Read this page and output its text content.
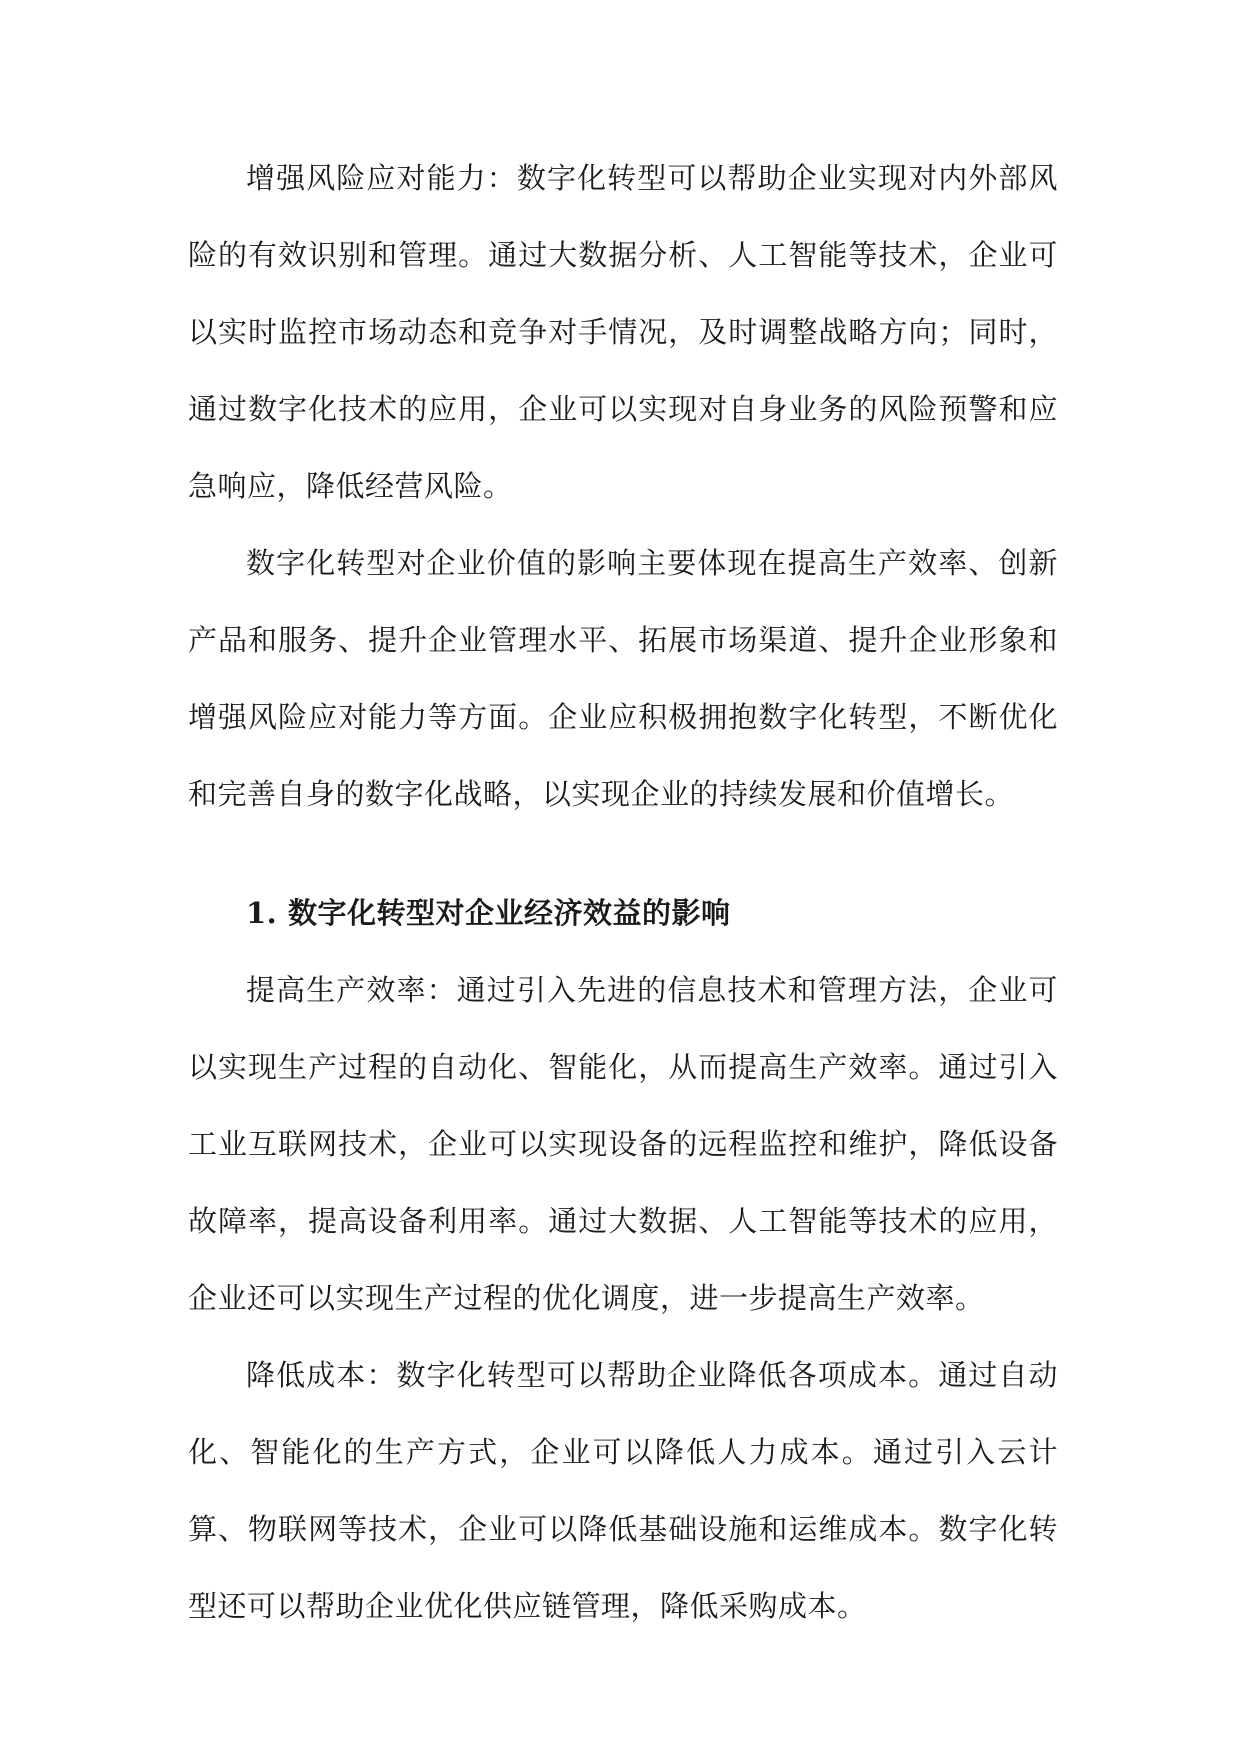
增强风险应对能力：数字化转型可以帮助企业实现对内外部风险的有效识别和管理。通过大数据分析、人工智能等技术，企业可以实时监控市场动态和竞争对手情况，及时调整战略方向；同时，通过数字化技术的应用，企业可以实现对自身业务的风险预警和应急响应，降低经营风险。

数字化转型对企业价值的影响主要体现在提高生产效率、创新产品和服务、提升企业管理水平、拓展市场渠道、提升企业形象和增强风险应对能力等方面。企业应积极拥抱数字化转型，不断优化和完善自身的数字化战略，以实现企业的持续发展和价值增长。

1. 数字化转型对企业经济效益的影响

提高生产效率：通过引入先进的信息技术和管理方法，企业可以实现生产过程的自动化、智能化，从而提高生产效率。通过引入工业互联网技术，企业可以实现设备的远程监控和维护，降低设备故障率，提高设备利用率。通过大数据、人工智能等技术的应用，企业还可以实现生产过程的优化调度，进一步提高生产效率。

降低成本：数字化转型可以帮助企业降低各项成本。通过自动化、智能化的生产方式，企业可以降低人力成本。通过引入云计算、物联网等技术，企业可以降低基础设施和运维成本。数字化转型还可以帮助企业优化供应链管理，降低采购成本。
